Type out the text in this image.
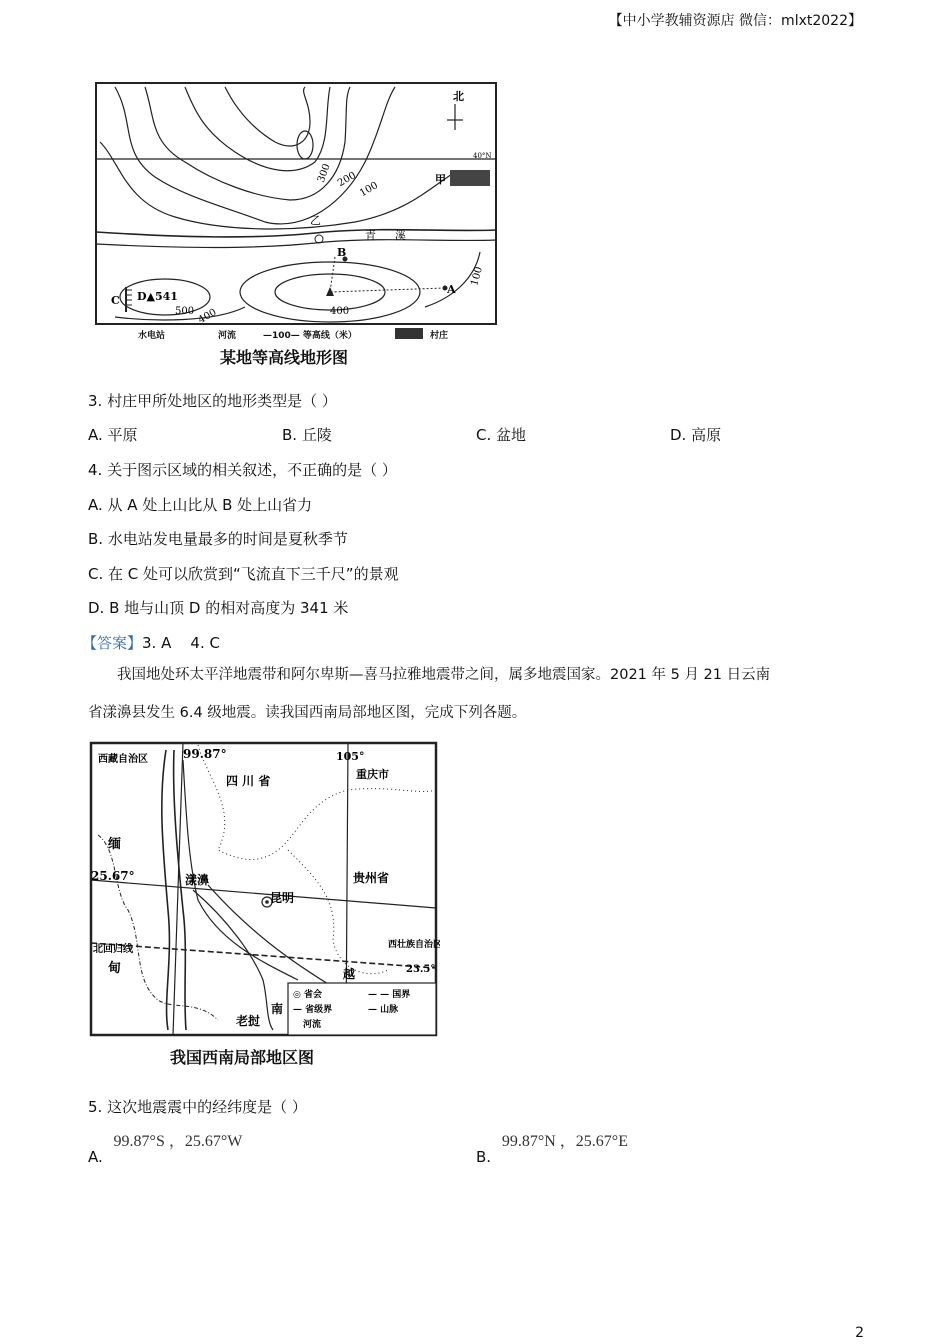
【中小学教辅资源店 微信：mlxt2022】
北
40°N
甲
乙
青 溪
B
A
C D▲541
300 200
100
100
500 400	400
水电站	河流	—100— 等高线（米）	村庄
某地等高线地形图
3. 村庄甲所处地区的地形类型是（ ）
A. 平原	B. 丘陵	C. 盆地	D. 高原
4. 关于图示区域的相关叙述，不正确的是（ ）
A. 从 A 处上山比从 B 处上山省力
B. 水电站发电量最多的时间是夏秋季节
C. 在 C 处可以欣赏到“飞流直下三千尺”的景观
D. B 地与山顶 D 的相对高度为 341 米
【答案】3. A    4. C
我国地处环太平洋地震带和阿尔卑斯—喜马拉雅地震带之间，属多地震国家。2021 年 5 月 21 日云南
省漾濞县发生 6.4 级地震。读我国西南局部地区图，完成下列各题。
西藏自治区	99.87°	105°
四 川 省	重庆市
缅
甸
25.67°	漾濞
昆明
贵州省
北回归线	西壮族自治区
23.5°
越
南
老挝
◎ 省会	— — 国界
— 省级界	— 山脉
河流
我国西南局部地区图
5. 这次地震震中的经纬度是（ ）
A. 99.87°S ，25.67°W
B. 99.87°N ，25.67°E
2
